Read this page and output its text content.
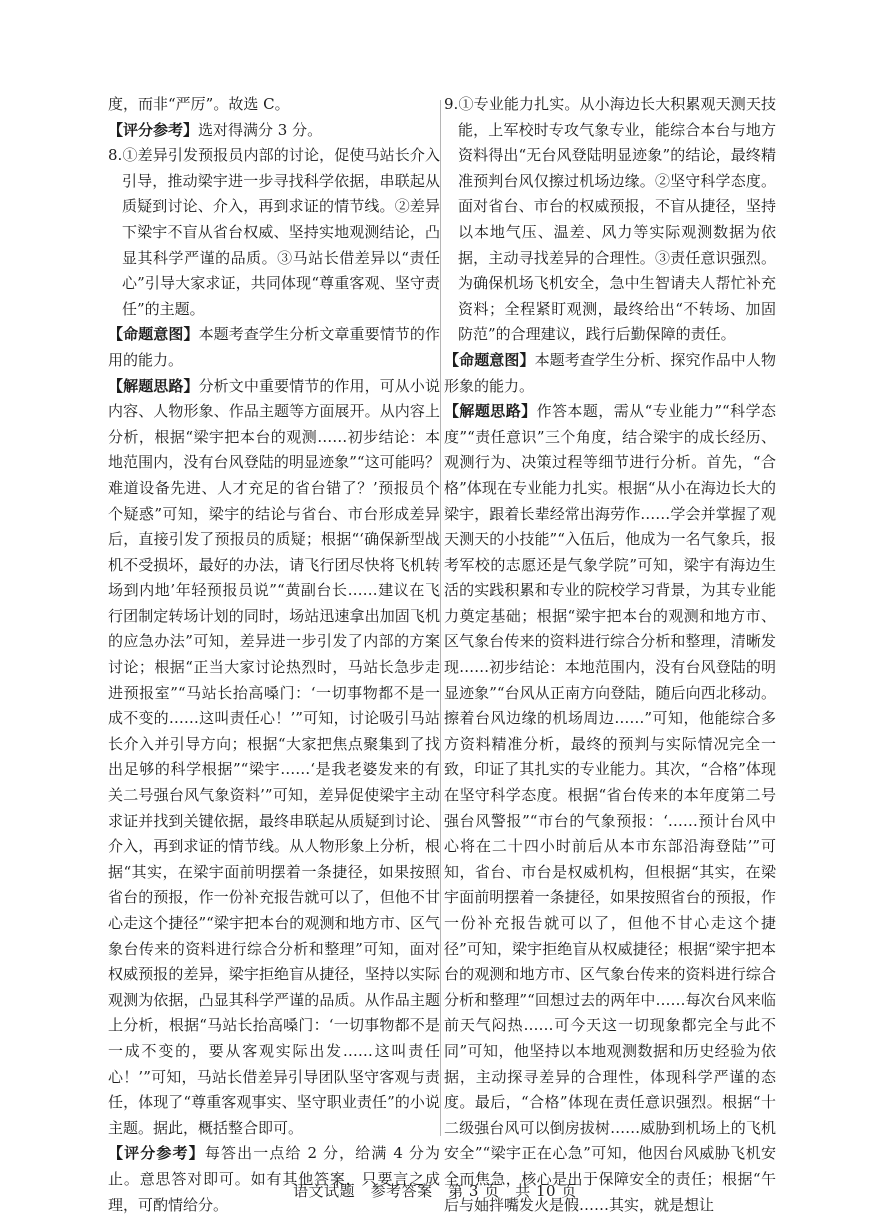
度，而非“严厉”。故选 C。

【评分参考】选对得满分 3 分。

8.①差异引发预报员内部的讨论，促使马站长介入引导，推动梁宇进一步寻找科学依据，串联起从质疑到讨论、介入，再到求证的情节线。②差异下梁宇不盲从省台权威、坚持实地观测结论，凸显其科学严谨的品质。③马站长借差异以“责任心”引导大家求证，共同体现“尊重客观、坚守责任”的主题。

【命题意图】本题考查学生分析文章重要情节的作用的能力。

【解题思路】分析文中重要情节的作用，可从小说内容、人物形象、作品主题等方面展开。从内容上分析，根据“梁宇把本台的观测……初步结论：本地范围内，没有台风登陆的明显迹象”“这可能吗？难道设备先进、人才充足的省台错了？’预报员个个疑惑”可知，梁宇的结论与省台、市台形成差异后，直接引发了预报员的质疑；根据“‘确保新型战机不受损坏，最好的办法，请飞行团尽快将飞机转场到内地’年轻预报员说”“黄副台长……建议在飞行团制定转场计划的同时，场站迅速拿出加固飞机的应急办法”可知，差异进一步引发了内部的方案讨论；根据“正当大家讨论热烈时，马站长急步走进预报室”“马站长抬高嗓门：‘一切事物都不是一成不变的……这叫责任心！’”可知，讨论吸引马站长介入并引导方向；根据“大家把焦点聚集到了找出足够的科学根据”“梁宇……‘是我老婆发来的有关二号强台风气象资料’”可知，差异促使梁宇主动求证并找到关键依据，最终串联起从质疑到讨论、介入，再到求证的情节线。从人物形象上分析，根据“其实，在梁宇面前明摆着一条捷径，如果按照省台的预报，作一份补充报告就可以了，但他不甘心走这个捷径”“梁宇把本台的观测和地方市、区气象台传来的资料进行综合分析和整理”可知，面对权威预报的差异，梁宇拒绝盲从捷径，坚持以实际观测为依据，凸显其科学严谨的品质。从作品主题上分析，根据“马站长抬高嗓门：‘一切事物都不是一成不变的，要从客观实际出发……这叫责任心！’”可知，马站长借差异引导团队坚守客观与责任，体现了“尊重客观事实、坚守职业责任”的小说主题。据此，概括整合即可。

【评分参考】每答出一点给 2 分，给满 4 分为止。意思答对即可。如有其他答案，只要言之成理，可酌情给分。

9.①专业能力扎实。从小海边长大积累观天测天技能，上军校时专攻气象专业，能综合本台与地方资料得出“无台风登陆明显迹象”的结论，最终精准预判台风仅擦过机场边缘。②坚守科学态度。面对省台、市台的权威预报，不盲从捷径，坚持以本地气压、温差、风力等实际观测数据为依据，主动寻找差异的合理性。③责任意识强烈。为确保机场飞机安全，急中生智请夫人帮忙补充资料；全程紧盯观测，最终给出“不转场、加固防范”的合理建议，践行后勤保障的责任。

【命题意图】本题考查学生分析、探究作品中人物形象的能力。

【解题思路】作答本题，需从“专业能力”“科学态度”“责任意识”三个角度，结合梁宇的成长经历、观测行为、决策过程等细节进行分析。首先，“合格”体现在专业能力扎实。根据“从小在海边长大的梁宇，跟着长辈经常出海劳作……学会并掌握了观天测天的小技能”“入伍后，他成为一名气象兵，报考军校的志愿还是气象学院”可知，梁宇有海边生活的实践积累和专业的院校学习背景，为其专业能力奠定基础；根据“梁宇把本台的观测和地方市、区气象台传来的资料进行综合分析和整理，清晰发现……初步结论：本地范围内，没有台风登陆的明显迹象”“台风从正南方向登陆，随后向西北移动。擦着台风边缘的机场周边……”可知，他能综合多方资料精准分析，最终的预判与实际情况完全一致，印证了其扎实的专业能力。其次，“合格”体现在坚守科学态度。根据“省台传来的本年度第二号强台风警报”“市台的气象预报：‘……预计台风中心将在二十四小时前后从本市东部沿海登陆’”可知，省台、市台是权威机构，但根据“其实，在梁宇面前明摆着一条捷径，如果按照省台的预报，作一份补充报告就可以了，但他不甘心走这个捷径”可知，梁宇拒绝盲从权威捷径；根据“梁宇把本台的观测和地方市、区气象台传来的资料进行综合分析和整理”“回想过去的两年中……每次台风来临前天气闷热……可今天这一切现象都完全与此不同”可知，他坚持以本地观测数据和历史经验为依据，主动探寻差异的合理性，体现科学严谨的态度。最后，“合格”体现在责任意识强烈。根据“十二级强台风可以倒房拔树……威胁到机场上的飞机安全”“梁宇正在心急”可知，他因台风威胁飞机安全而焦急，核心是出于保障安全的责任；根据“午后与妯拌嘴发火是假……其实，就是想让

语文试题　参考答案　第 3 页　共 10 页
